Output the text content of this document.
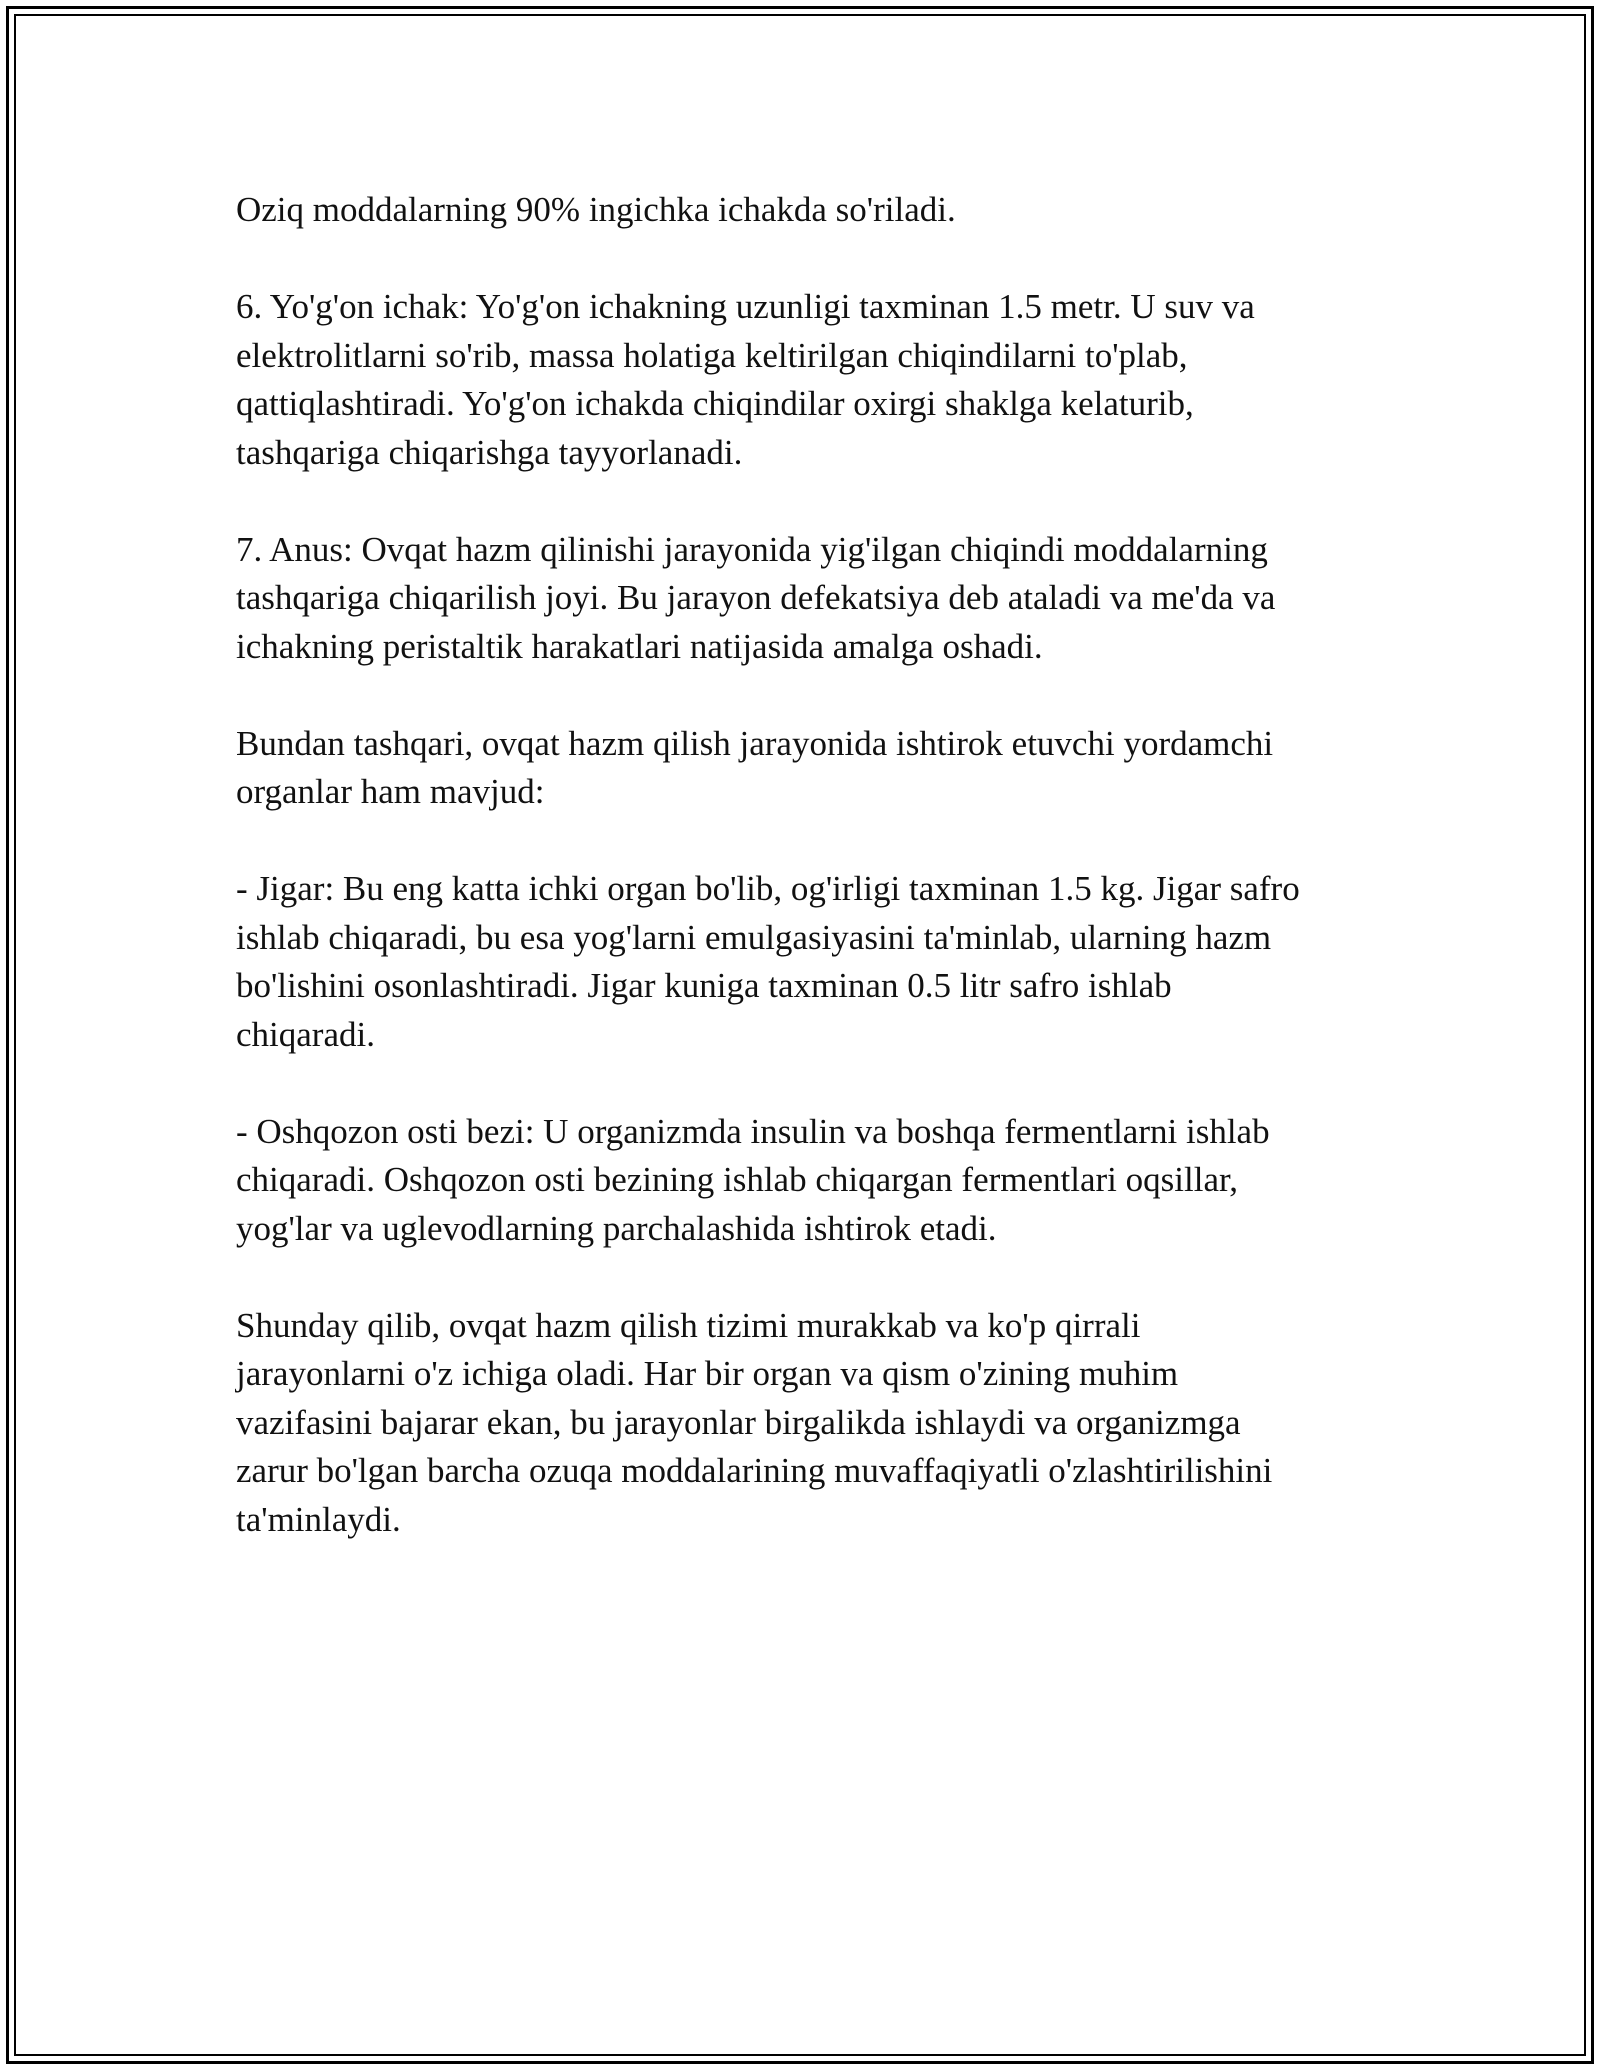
Oziq moddalarning 90% ingichka ichakda so'riladi.

6. Yo'g'on ichak: Yo'g'on ichakning uzunligi taxminan 1.5 metr. U suv va
elektrolitlarni so'rib, massa holatiga keltirilgan chiqindilarni to'plab,
qattiqlashtiradi. Yo'g'on ichakda chiqindilar oxirgi shaklga kelaturib,
tashqariga chiqarishga tayyorlanadi.

7. Anus: Ovqat hazm qilinishi jarayonida yig'ilgan chiqindi moddalarning
tashqariga chiqarilish joyi. Bu jarayon defekatsiya deb ataladi va me'da va
ichakning peristaltik harakatlari natijasida amalga oshadi.

Bundan tashqari, ovqat hazm qilish jarayonida ishtirok etuvchi yordamchi
organlar ham mavjud:

- Jigar: Bu eng katta ichki organ bo'lib, og'irligi taxminan 1.5 kg. Jigar safro
ishlab chiqaradi, bu esa yog'larni emulgasiyasini ta'minlab, ularning hazm
bo'lishini osonlashtiradi. Jigar kuniga taxminan 0.5 litr safro ishlab
chiqaradi.

- Oshqozon osti bezi: U organizmda insulin va boshqa fermentlarni ishlab
chiqaradi. Oshqozon osti bezining ishlab chiqargan fermentlari oqsillar,
yog'lar va uglevodlarning parchalashida ishtirok etadi.

Shunday qilib, ovqat hazm qilish tizimi murakkab va ko'p qirrali
jarayonlarni o'z ichiga oladi. Har bir organ va qism o'zining muhim
vazifasini bajarar ekan, bu jarayonlar birgalikda ishlaydi va organizmga
zarur bo'lgan barcha ozuqa moddalarining muvaffaqiyatli o'zlashtirilishini
ta'minlaydi.
